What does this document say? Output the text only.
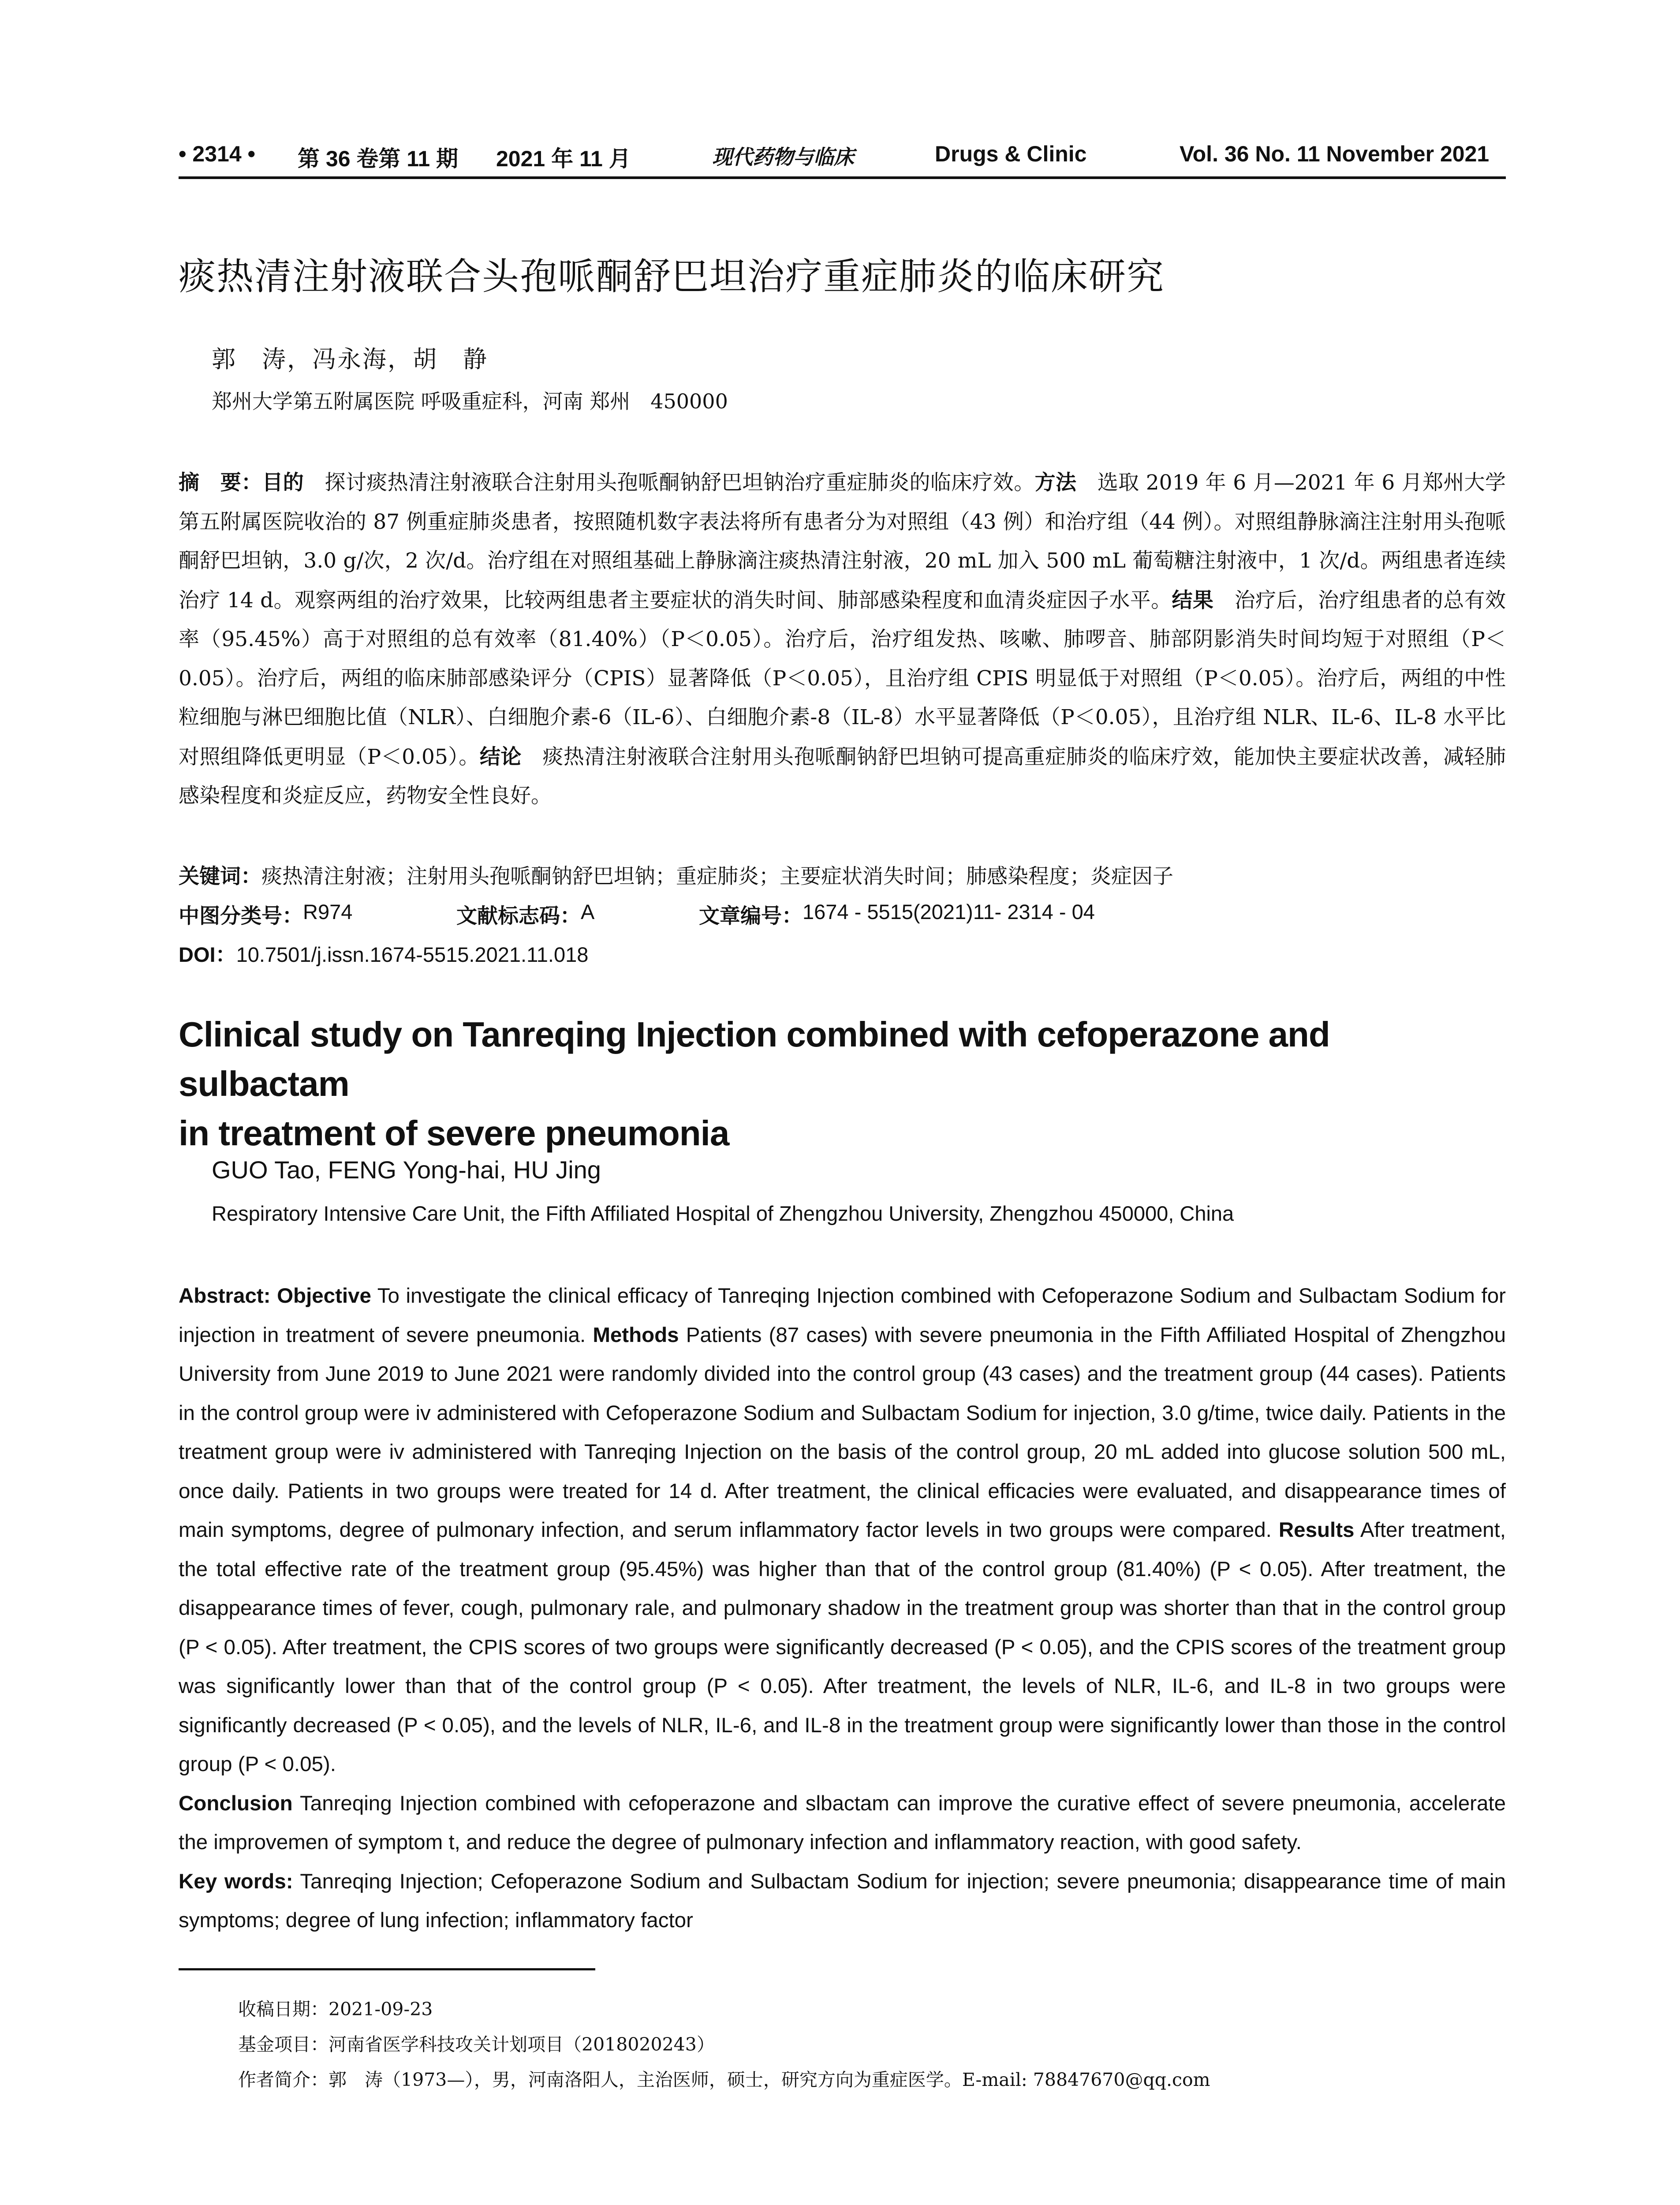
• 2314 • 第 36 卷第 11 期 2021 年 11 月	现代药物与临床	Drugs & Clinic	Vol. 36 No. 11 November 2021
痰热清注射液联合头孢哌酮舒巴坦治疗重症肺炎的临床研究
郭　涛，冯永海，胡　静
郑州大学第五附属医院 呼吸重症科，河南 郑州　450000
摘　要：目的　探讨痰热清注射液联合注射用头孢哌酮钠舒巴坦钠治疗重症肺炎的临床疗效。方法　选取 2019 年 6 月—2021 年 6 月郑州大学第五附属医院收治的 87 例重症肺炎患者，按照随机数字表法将所有患者分为对照组（43 例）和治疗组（44 例）。对照组静脉滴注注射用头孢哌酮舒巴坦钠，3.0 g/次，2 次/d。治疗组在对照组基础上静脉滴注痰热清注射液，20 mL 加入 500 mL 葡萄糖注射液中，1 次/d。两组患者连续治疗 14 d。观察两组的治疗效果，比较两组患者主要症状的消失时间、肺部感染程度和血清炎症因子水平。结果　治疗后，治疗组患者的总有效率（95.45%）高于对照组的总有效率（81.40%）（P＜0.05）。治疗后，治疗组发热、咳嗽、肺啰音、肺部阴影消失时间均短于对照组（P＜0.05）。治疗后，两组的临床肺部感染评分（CPIS）显著降低（P＜0.05），且治疗组 CPIS 明显低于对照组（P＜0.05）。治疗后，两组的中性粒细胞与淋巴细胞比值（NLR）、白细胞介素-6（IL-6）、白细胞介素-8（IL-8）水平显著降低（P＜0.05），且治疗组 NLR、IL-6、IL-8 水平比对照组降低更明显（P＜0.05）。结论　痰热清注射液联合注射用头孢哌酮钠舒巴坦钠可提高重症肺炎的临床疗效，能加快主要症状改善，减轻肺感染程度和炎症反应，药物安全性良好。
关键词：痰热清注射液；注射用头孢哌酮钠舒巴坦钠；重症肺炎；主要症状消失时间；肺感染程度；炎症因子
中图分类号： R974	文献标志码： A	文章编号： 1674 - 5515(2021)11- 2314 - 04
DOI：10.7501/j.issn.1674-5515.2021.11.018
Clinical study on Tanreqing Injection combined with cefoperazone and sulbactam
in treatment of severe pneumonia
GUO Tao, FENG Yong-hai, HU Jing
Respiratory Intensive Care Unit, the Fifth Affiliated Hospital of Zhengzhou University, Zhengzhou 450000, China
Abstract: Objective To investigate the clinical efficacy of Tanreqing Injection combined with Cefoperazone Sodium and Sulbactam Sodium for injection in treatment of severe pneumonia. Methods Patients (87 cases) with severe pneumonia in the Fifth Affiliated Hospital of Zhengzhou University from June 2019 to June 2021 were randomly divided into the control group (43 cases) and the treatment group (44 cases). Patients in the control group were iv administered with Cefoperazone Sodium and Sulbactam Sodium for injection, 3.0 g/time, twice daily. Patients in the treatment group were iv administered with Tanreqing Injection on the basis of the control group, 20 mL added into glucose solution 500 mL, once daily. Patients in two groups were treated for 14 d. After treatment, the clinical efficacies were evaluated, and disappearance times of main symptoms, degree of pulmonary infection, and serum inflammatory factor levels in two groups were compared. Results After treatment, the total effective rate of the treatment group (95.45%) was higher than that of the control group (81.40%) (P < 0.05). After treatment, the disappearance times of fever, cough, pulmonary rale, and pulmonary shadow in the treatment group was shorter than that in the control group (P < 0.05). After treatment, the CPIS scores of two groups were significantly decreased (P < 0.05), and the CPIS scores of the treatment group was significantly lower than that of the control group (P < 0.05). After treatment, the levels of NLR, IL-6, and IL-8 in two groups were significantly decreased (P < 0.05), and the levels of NLR, IL-6, and IL-8 in the treatment group were significantly lower than those in the control group (P < 0.05).
Conclusion Tanreqing Injection combined with cefoperazone and slbactam can improve the curative effect of severe pneumonia, accelerate the improvemen of symptom t, and reduce the degree of pulmonary infection and inflammatory reaction, with good safety.
Key words: Tanreqing Injection; Cefoperazone Sodium and Sulbactam Sodium for injection; severe pneumonia; disappearance time of main symptoms; degree of lung infection; inflammatory factor
收稿日期：2021-09-23
基金项目：河南省医学科技攻关计划项目（2018020243）
作者简介：郭　涛（1973—），男，河南洛阳人，主治医师，硕士，研究方向为重症医学。E-mail: 78847670@qq.com
